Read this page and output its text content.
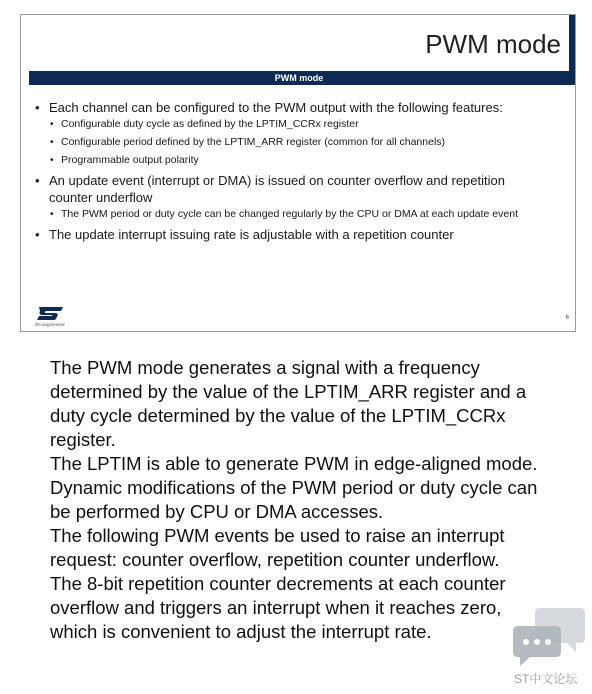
PWM mode
PWM mode
• Each channel can be configured to the PWM output with the following features:
• Configurable duty cycle as defined by the LPTIM_CCRx register
• Configurable period defined by the LPTIM_ARR register (common for all channels)
• Programmable output polarity
• An update event (interrupt or DMA) is issued on counter overflow and repetition counter underflow
• The PWM period or duty cycle can be changed regularly by the CPU or DMA at each update event
• The update interrupt issuing rate is adjustable with a repetition counter
life.augmented
6

The PWM mode generates a signal with a frequency determined by the value of the LPTIM_ARR register and a duty cycle determined by the value of the LPTIM_CCRx register.

The LPTIM is able to generate PWM in edge-aligned mode.

Dynamic modifications of the PWM period or duty cycle can be performed by CPU or DMA accesses.

The following PWM events be used to raise an interrupt request: counter overflow, repetition counter underflow.

The 8-bit repetition counter decrements at each counter overflow and triggers an interrupt when it reaches zero, which is convenient to adjust the interrupt rate.

ST中文论坛
